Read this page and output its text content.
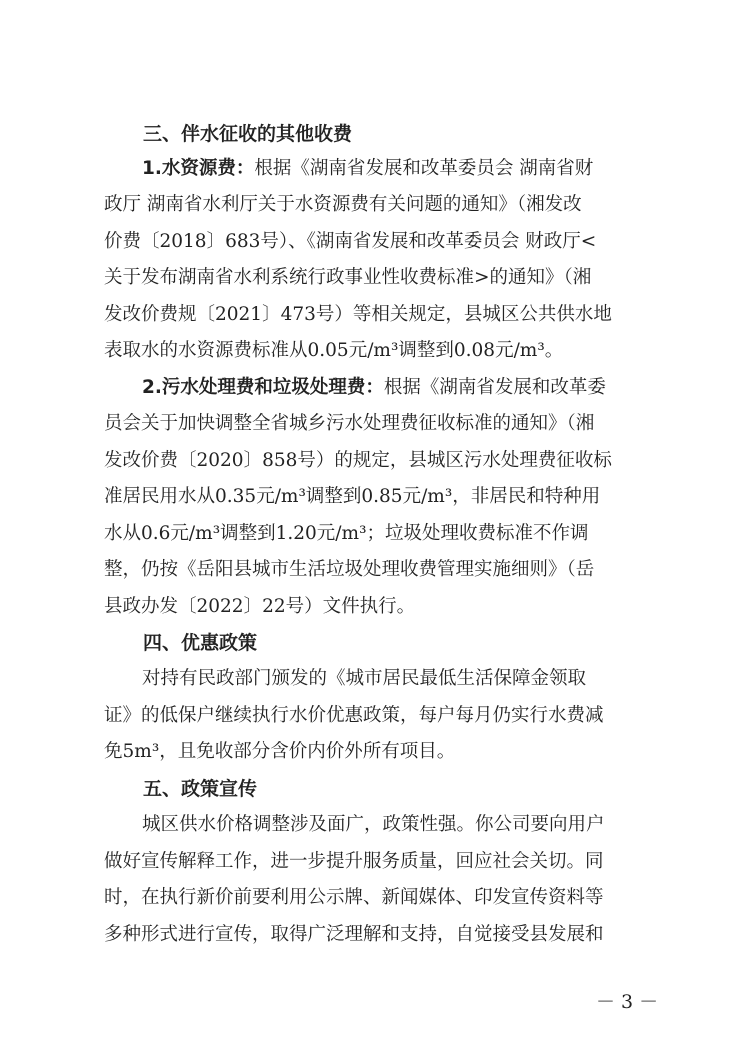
三、伴水征收的其他收费
1.水资源费：根据《湖南省发展和改革委员会 湖南省财
政厅 湖南省水利厅关于水资源费有关问题的通知》（湘发改
价费〔2018〕683号）、《湖南省发展和改革委员会 财政厅<
关于发布湖南省水利系统行政事业性收费标准>的通知》（湘
发改价费规〔2021〕473号）等相关规定，县城区公共供水地
表取水的水资源费标准从0.05元/m³调整到0.08元/m³。
2.污水处理费和垃圾处理费：根据《湖南省发展和改革委
员会关于加快调整全省城乡污水处理费征收标准的通知》（湘
发改价费〔2020〕858号）的规定，县城区污水处理费征收标
准居民用水从0.35元/m³调整到0.85元/m³，非居民和特种用
水从0.6元/m³调整到1.20元/m³；垃圾处理收费标准不作调
整，仍按《岳阳县城市生活垃圾处理收费管理实施细则》（岳
县政办发〔2022〕22号）文件执行。
四、优惠政策
对持有民政部门颁发的《城市居民最低生活保障金领取
证》的低保户继续执行水价优惠政策，每户每月仍实行水费减
免5m³，且免收部分含价内价外所有项目。
五、政策宣传
城区供水价格调整涉及面广，政策性强。你公司要向用户
做好宣传解释工作，进一步提升服务质量，回应社会关切。同
时，在执行新价前要利用公示牌、新闻媒体、印发宣传资料等
多种形式进行宣传，取得广泛理解和支持，自觉接受县发展和
－ 3 －
